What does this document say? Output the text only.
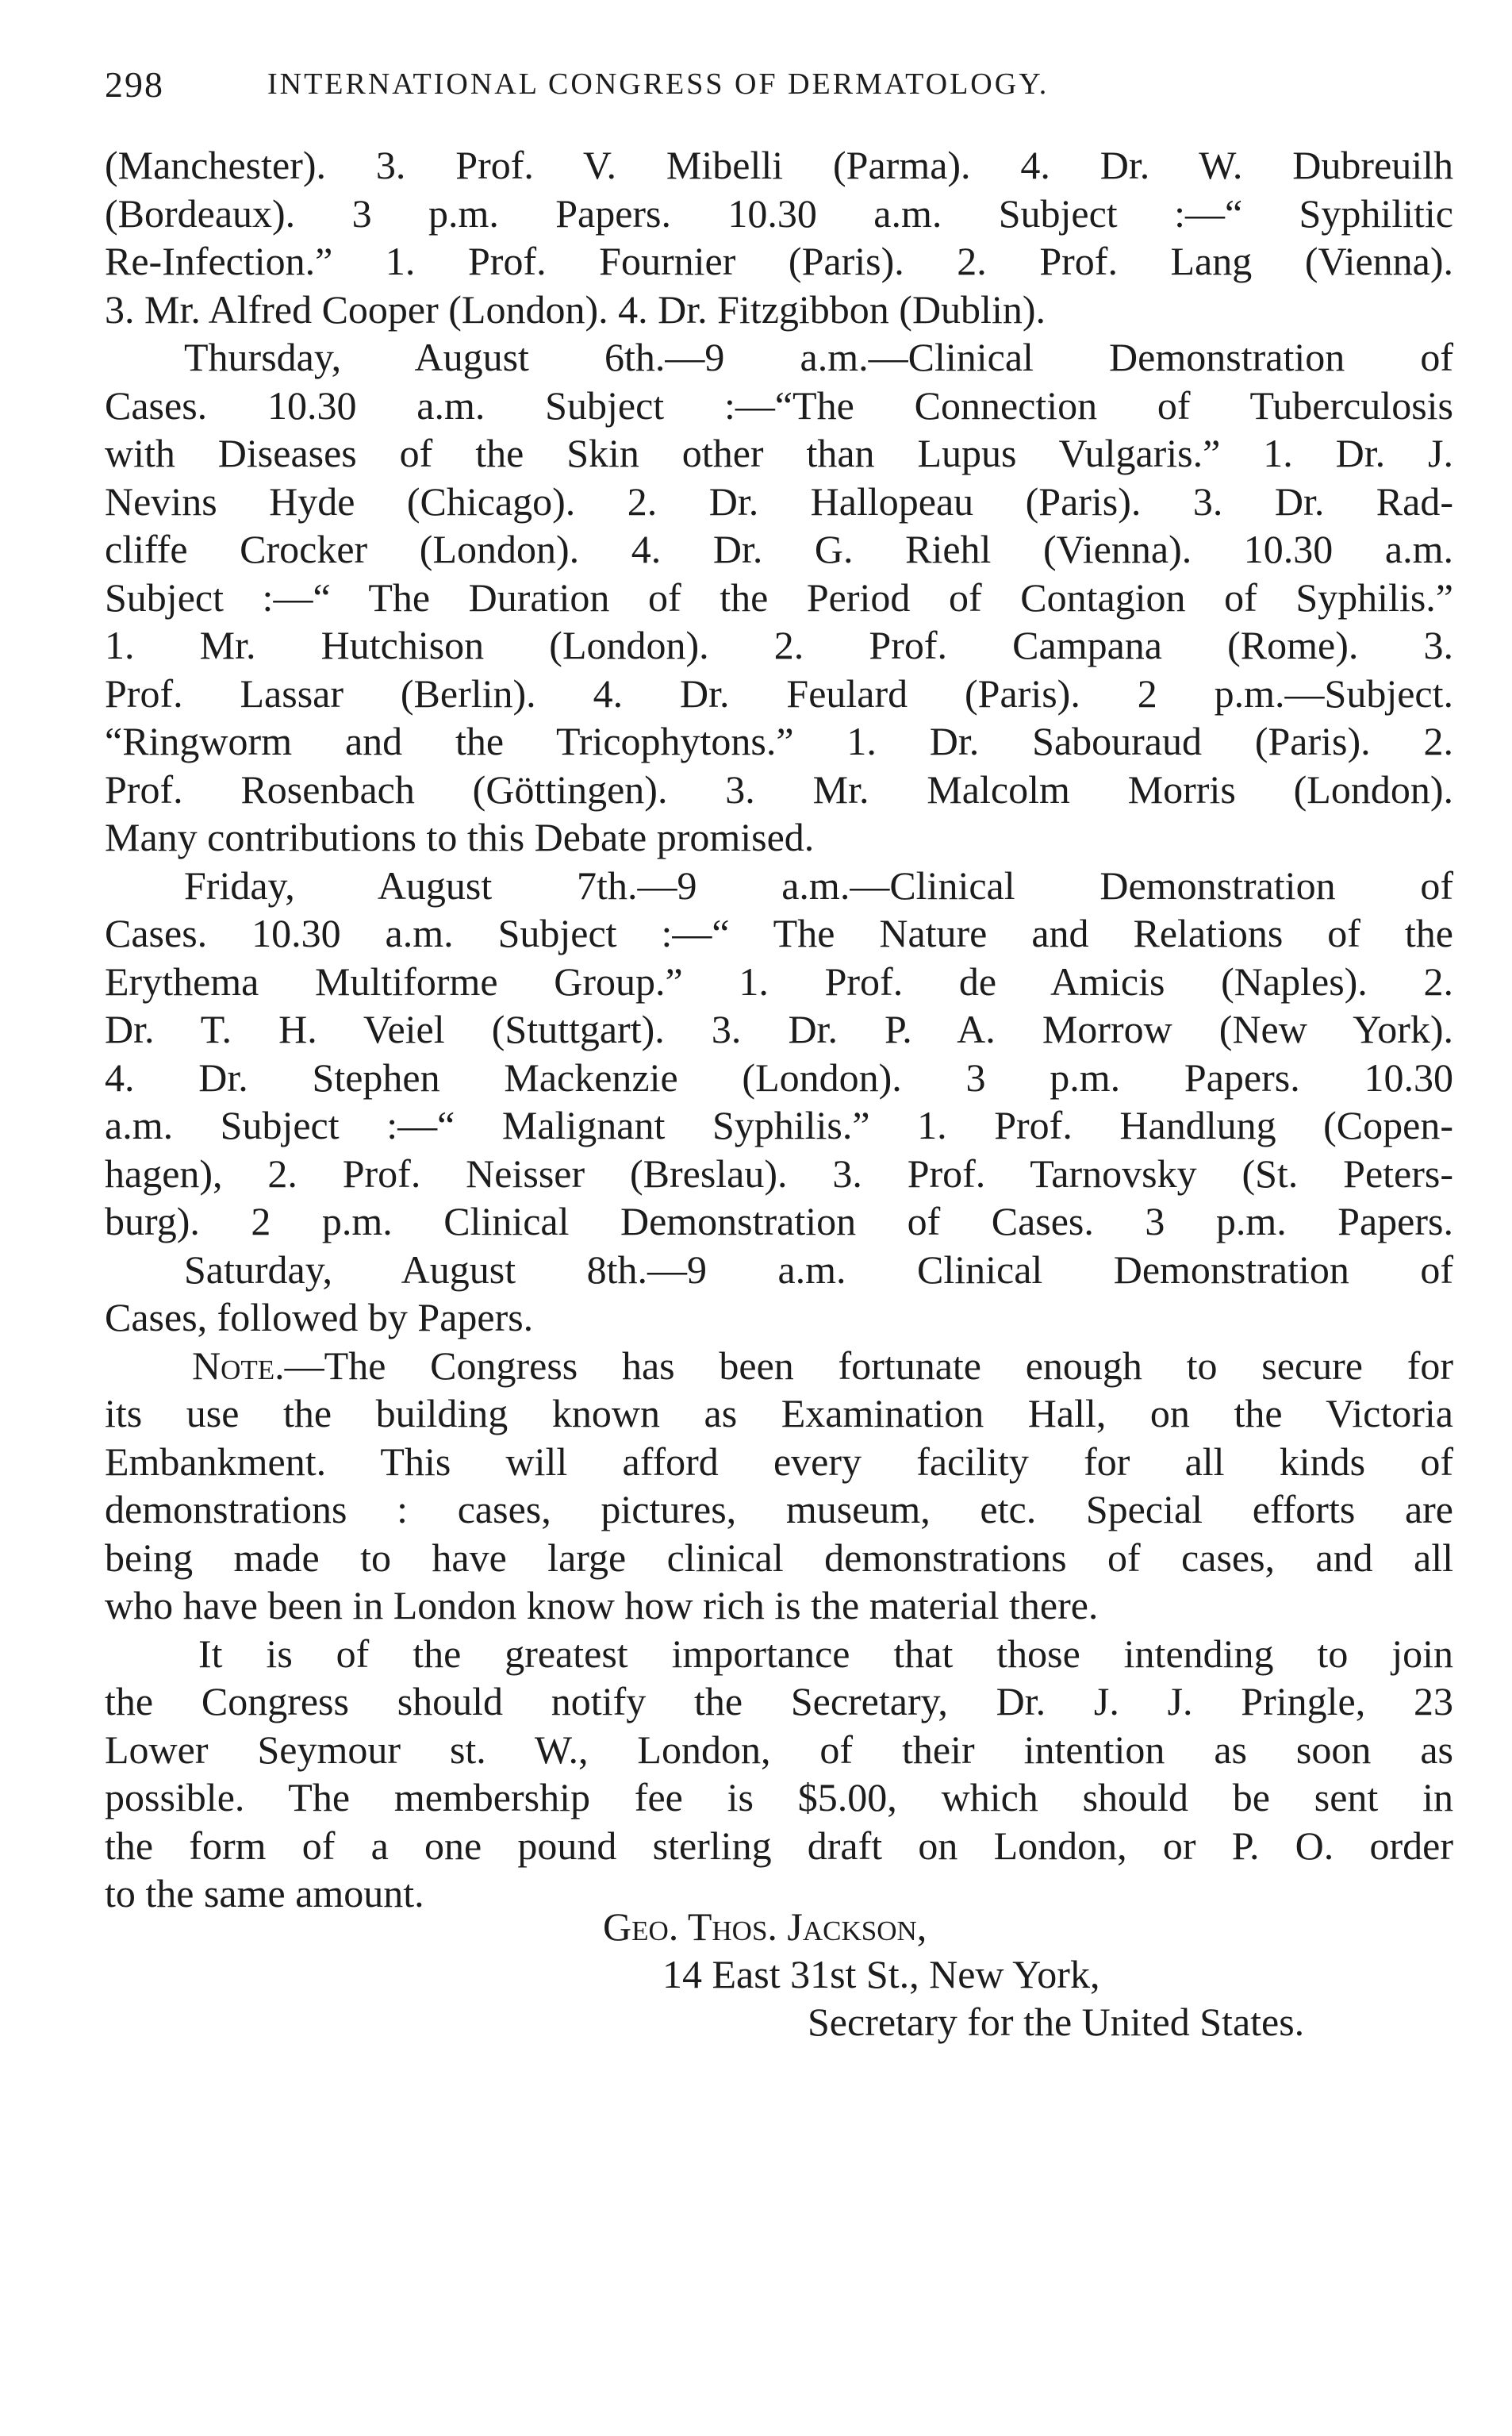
298	INTERNATIONAL CONGRESS OF DERMATOLOGY.
(Manchester). 3. Prof. V. Mibelli (Parma). 4. Dr. W. Dubreuilh
(Bordeaux). 3 p.m. Papers. 10.30 a.m. Subject :—“ Syphilitic
Re-Infection.” 1. Prof. Fournier (Paris). 2. Prof. Lang (Vienna).
3. Mr. Alfred Cooper (London). 4. Dr. Fitzgibbon (Dublin).
Thursday, August 6th.—9 a.m.—Clinical Demonstration of
Cases. 10.30 a.m. Subject :—“The Connection of Tuberculosis
with Diseases of the Skin other than Lupus Vulgaris.” 1. Dr. J.
Nevins Hyde (Chicago). 2. Dr. Hallopeau (Paris). 3. Dr. Rad-
cliffe Crocker (London). 4. Dr. G. Riehl (Vienna). 10.30 a.m.
Subject :—“ The Duration of the Period of Contagion of Syphilis.”
1. Mr. Hutchison (London). 2. Prof. Campana (Rome). 3.
Prof. Lassar (Berlin). 4. Dr. Feulard (Paris). 2 p.m.—Subject.
“Ringworm and the Tricophytons.” 1. Dr. Sabouraud (Paris). 2.
Prof. Rosenbach (Göttingen). 3. Mr. Malcolm Morris (London).
Many contributions to this Debate promised.
Friday, August 7th.—9 a.m.—Clinical Demonstration of
Cases. 10.30 a.m. Subject :—“ The Nature and Relations of the
Erythema Multiforme Group.” 1. Prof. de Amicis (Naples). 2.
Dr. T. H. Veiel (Stuttgart). 3. Dr. P. A. Morrow (New York).
4. Dr. Stephen Mackenzie (London). 3 p.m. Papers. 10.30
a.m. Subject :—“ Malignant Syphilis.” 1. Prof. Handlung (Copen-
hagen), 2. Prof. Neisser (Breslau). 3. Prof. Tarnovsky (St. Peters-
burg). 2 p.m. Clinical Demonstration of Cases. 3 p.m. Papers.
Saturday, August 8th.—9 a.m. Clinical Demonstration of
Cases, followed by Papers.
Note.—The Congress has been fortunate enough to secure for
its use the building known as Examination Hall, on the Victoria
Embankment. This will afford every facility for all kinds of
demonstrations : cases, pictures, museum, etc. Special efforts are
being made to have large clinical demonstrations of cases, and all
who have been in London know how rich is the material there.
It is of the greatest importance that those intending to join
the Congress should notify the Secretary, Dr. J. J. Pringle, 23
Lower Seymour st. W., London, of their intention as soon as
possible. The membership fee is $5.00, which should be sent in
the form of a one pound sterling draft on London, or P. O. order
to the same amount.
Geo. Thos. Jackson,
14 East 31st St., New York,
Secretary for the United States.
